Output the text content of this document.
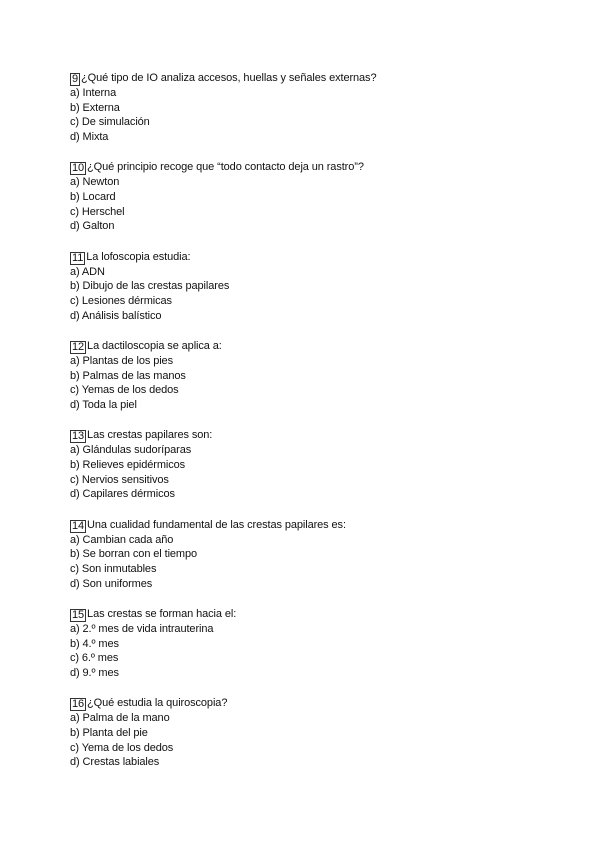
9 ¿Qué tipo de IO analiza accesos, huellas y señales externas?
a) Interna
b) Externa
c) De simulación
d) Mixta
10 ¿Qué principio recoge que “todo contacto deja un rastro”?
a) Newton
b) Locard
c) Herschel
d) Galton
11 La lofoscopia estudia:
a) ADN
b) Dibujo de las crestas papilares
c) Lesiones dérmicas
d) Análisis balístico
12 La dactiloscopia se aplica a:
a) Plantas de los pies
b) Palmas de las manos
c) Yemas de los dedos
d) Toda la piel
13 Las crestas papilares son:
a) Glándulas sudoríparas
b) Relieves epidérmicos
c) Nervios sensitivos
d) Capilares dérmicos
14 Una cualidad fundamental de las crestas papilares es:
a) Cambian cada año
b) Se borran con el tiempo
c) Son inmutables
d) Son uniformes
15 Las crestas se forman hacia el:
a) 2.º mes de vida intrauterina
b) 4.º mes
c) 6.º mes
d) 9.º mes
16 ¿Qué estudia la quiroscopia?
a) Palma de la mano
b) Planta del pie
c) Yema de los dedos
d) Crestas labiales
